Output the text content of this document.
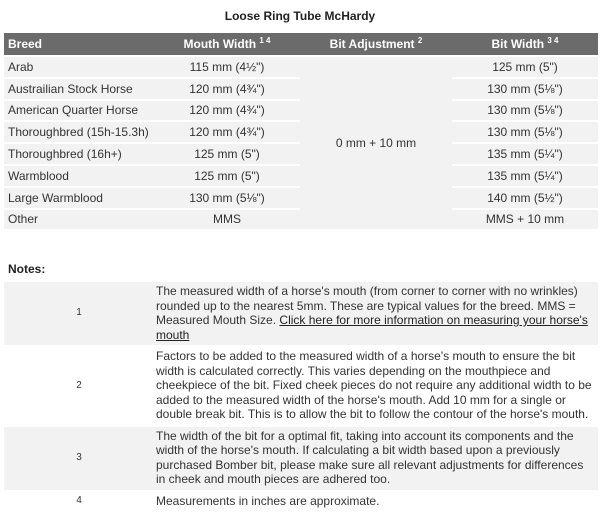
Loose Ring Tube McHardy
Breed	Mouth Width $^{1 4}$	Bit Adjustment $^2$	Bit Width $^{3 4}$
Arab	115 mm (4½")	0 mm + 10 mm	125 mm (5")
Austrailian Stock Horse	120 mm (4¾")		130 mm (5⅛")
American Quarter Horse	120 mm (4¾")		130 mm (5⅛")
Thoroughbred (15h-15.3h)	120 mm (4¾")		130 mm (5⅛")
Thoroughbred (16h+)	125 mm (5")		135 mm (5¼")
Warmblood	125 mm (5")		135 mm (5¼")
Large Warmblood	130 mm (5⅛")		140 mm (5½")
Other	MMS		MMS + 10 mm
Notes:
1	The measured width of a horse's mouth (from corner to corner with no wrinkles) rounded up to the nearest 5mm. These are typical values for the breed. MMS = Measured Mouth Size. Click here for more information on measuring your horse's mouth
2	Factors to be added to the measured width of a horse's mouth to ensure the bit width is calculated correctly. This varies depending on the mouthpiece and cheekpiece of the bit. Fixed cheek pieces do not require any additional width to be added to the measured width of the horse's mouth. Add 10 mm for a single or double break bit. This is to allow the bit to follow the contour of the horse's mouth.
3	The width of the bit for a optimal fit, taking into account its components and the width of the horse's mouth. If calculating a bit width based upon a previously purchased Bomber bit, please make sure all relevant adjustments for differences in cheek and mouth pieces are adhered too.
4	Measurements in inches are approximate.
